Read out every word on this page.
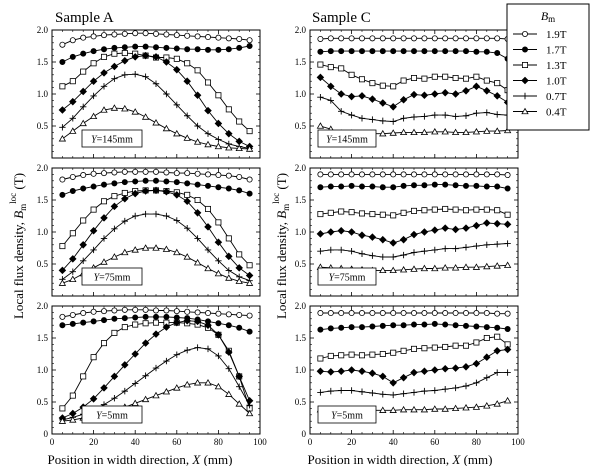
Sample A	Sample C
Local flux density, $B_m^{loc}$ (T)
Local flux density, $B_m^{loc}$ (T)
Position in width direction, X (mm)	Position in width direction, X (mm)
0.5
1.0
1.5
2.0
Y=145mm
0.5
1.0
1.5
2.0
Y=75mm
0
0.5
1.0
1.5
2.0
0	20	40	60	80	100
Y=5mm
0.5
1.0
1.5
2.0
Y=145mm
0.5
1.0
1.5
2.0
Y=75mm
0
0.5
1.0
1.5
2.0
0	20	40	60	80	100
Y=5mm
Bm
1.9T
1.7T
1.3T
1.0T
0.7T
0.4T
